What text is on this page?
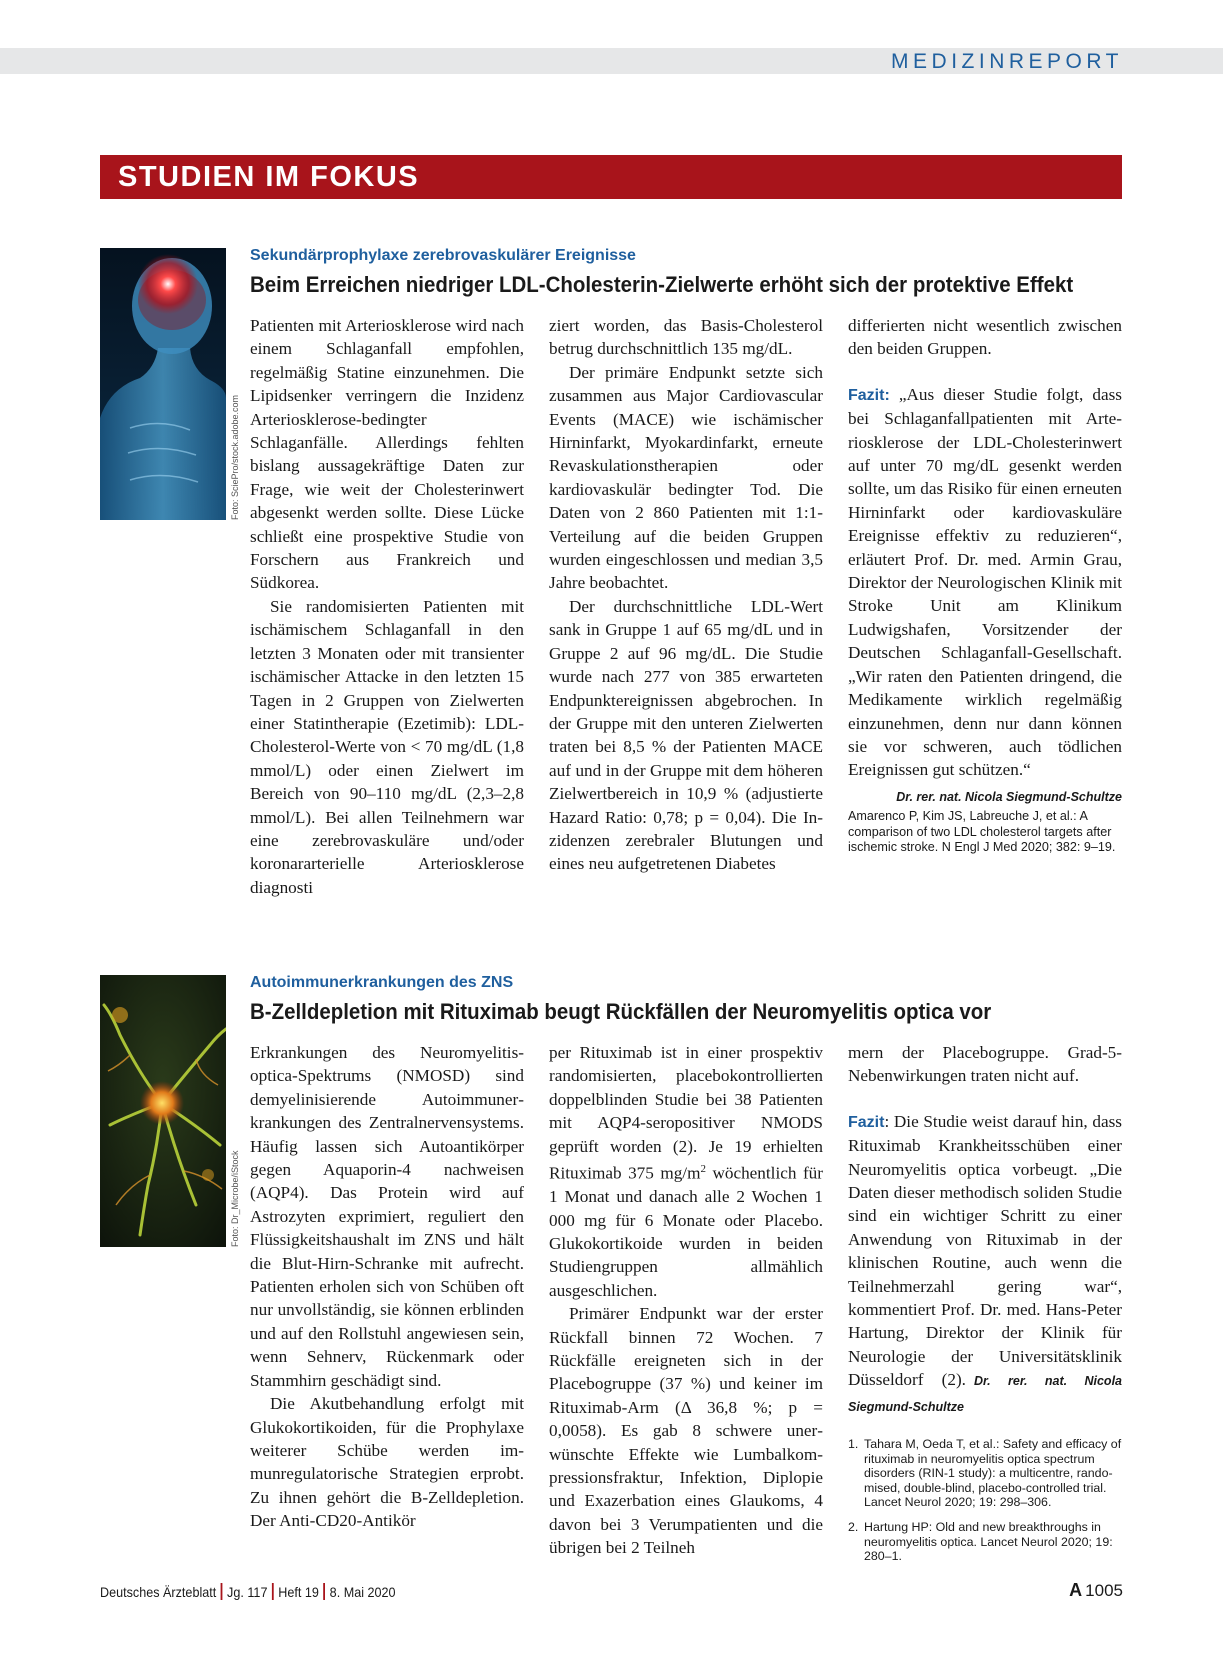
MEDIZINREPORT
STUDIEN IM FOKUS
Foto: SciePro/stock.adobe.com
Sekundärprophylaxe zerebrovaskulärer Ereignisse
Beim Erreichen niedriger LDL-Cholesterin-Zielwerte erhöht sich der protektive Effekt

Patienten mit Arteriosklerose wird nach einem Schlaganfall empfohlen, regelmäßig Statine einzunehmen. Die Lipidsenker verringern die Inzidenz Arteriosklerose-bedingter Schlaganfälle. Allerdings fehlten bislang aussagekräftige Daten zur Frage, wie weit der Cholesterinwert abgesenkt werden sollte. Diese Lücke schließt eine prospektive Studie von Forschern aus Frankreich und Südkorea.

Sie randomisierten Patienten mit ischämischem Schlaganfall in den letzten 3 Monaten oder mit transienter ischämischer Attacke in den letzten 15 Tagen in 2 Gruppen von Zielwerten einer Statintherapie (Ezetimib): LDL-Cholesterol-Werte von < 70 mg/dL (1,8 mmol/L) oder einen Zielwert im Bereich von 90–110 mg/dL (2,3–2,8 mmol/L). Bei allen Teilnehmern war eine zerebrovaskuläre und/oder koronararterielle Arteriosklerose diagnosti

ziert worden, das Basis-Cholesterol betrug durchschnittlich 135 mg/dL.

Der primäre Endpunkt setzte sich zusammen aus Major Cardiovascular Events (MACE) wie ischämischer Hirninfarkt, Myokardinfarkt, erneute Revaskulationstherapien oder kardiovaskulär bedingter Tod. Die Daten von 2 860 Patienten mit 1:1-Verteilung auf die beiden Gruppen wurden eingeschlossen und median 3,5 Jahre beobachtet.

Der durchschnittliche LDL-Wert sank in Gruppe 1 auf 65 mg/dL und in Gruppe 2 auf 96 mg/dL. Die Studie wurde nach 277 von 385 erwarteten Endpunktereignissen abgebrochen. In der Gruppe mit den unteren Zielwerten traten bei 8,5 % der Patienten MACE auf und in der Gruppe mit dem höheren Zielwertbereich in 10,9 % (adjustierte Hazard Ratio: 0,78; p = 0,04). Die Inzidenzen zerebraler Blutungen und eines neu aufgetretenen Diabetes

differierten nicht wesentlich zwischen den beiden Gruppen.

Fazit: „Aus dieser Studie folgt, dass bei Schlaganfallpatienten mit Arteriosklerose der LDL-Cholesterinwert auf unter 70 mg/dL gesenkt werden sollte, um das Risiko für einen erneuten Hirninfarkt oder kardiovaskuläre Ereignisse effektiv zu reduzieren“, erläutert Prof. Dr. med. Armin Grau, Direktor der Neurologischen Klinik mit Stroke Unit am Klinikum Ludwigshafen, Vorsitzender der Deutschen Schlaganfall-Gesellschaft. „Wir raten den Patienten dringend, die Medikamente wirklich regelmäßig einzunehmen, denn nur dann können sie vor schweren, auch tödlichen Ereignissen gut schützen.“

Dr. rer. nat. Nicola Siegmund-Schultze

Amarenco P, Kim JS, Labreuche J, et al.: A comparison of two LDL cholesterol targets after ischemic stroke. N Engl J Med 2020; 382: 9–19.

Foto: Dr_Microbe/iStock
Autoimmunerkrankungen des ZNS
B-Zelldepletion mit Rituximab beugt Rückfällen der Neuromyelitis optica vor

Erkrankungen des Neuromyelitis-optica-Spektrums (NMOSD) sind demyelinisierende Autoimmunerkrankungen des Zentralnervensystems. Häufig lassen sich Autoantikörper gegen Aquaporin-4 nachweisen (AQP4). Das Protein wird auf Astrozyten exprimiert, reguliert den Flüssigkeitshaushalt im ZNS und hält die Blut-Hirn-Schranke mit aufrecht. Patienten erholen sich von Schüben oft nur unvollständig, sie können erblinden und auf den Rollstuhl angewiesen sein, wenn Sehnerv, Rückenmark oder Stammhirn geschädigt sind.

Die Akutbehandlung erfolgt mit Glukokortikoiden, für die Prophylaxe weiterer Schübe werden immunregulatorische Strategien erprobt. Zu ihnen gehört die B-Zelldepletion. Der Anti-CD20-Antikör

per Rituximab ist in einer prospektiv randomisierten, placebokontrollierten doppelblinden Studie bei 38 Patienten mit AQP4-seropositiver NMODS geprüft worden (2). Je 19 erhielten Rituximab 375 $mg/m^2$ wöchentlich für 1 Monat und danach alle 2 Wochen 1 000 mg für 6 Monate oder Placebo. Glukokortikoide wurden in beiden Studiengruppen allmählich ausgeschlichen.

Primärer Endpunkt war der erster Rückfall binnen 72 Wochen. 7 Rückfälle ereigneten sich in der Placebogruppe (37 %) und keiner im Rituximab-Arm (Δ 36,8 %; p = 0,0058). Es gab 8 schwere unerwünschte Effekte wie Lumbalkompressionsfraktur, Infektion, Diplopie und Exazerbation eines Glaukoms, 4 davon bei 3 Verumpatienten und die übrigen bei 2 Teilneh

mern der Placebogruppe. Grad-5-Nebenwirkungen traten nicht auf.

Fazit: Die Studie weist darauf hin, dass Rituximab Krankheitsschüben einer Neuromyelitis optica vorbeugt. „Die Daten dieser methodisch soliden Studie sind ein wichtiger Schritt zu einer Anwendung von Rituximab in der klinischen Routine, auch wenn die Teilnehmerzahl gering war“, kommentiert Prof. Dr. med. Hans-Peter Hartung, Direktor der Klinik für Neurologie der Universitätsklinik Düsseldorf (2). Dr. rer. nat. Nicola Siegmund-Schultze

1. Tahara M, Oeda T, et al.: Safety and efficacy of rituximab in neuromyelitis optica spectrum disorders (RIN-1 study): a multicentre, randomised, double-blind, placebo-controlled trial. Lancet Neurol 2020; 19: 298–306.
2. Hartung HP: Old and new breakthroughs in neuromyelitis optica. Lancet Neurol 2020; 19: 280–1.
Deutsches Ärzteblatt Jg. 117 Heft 19 8. Mai 2020	A 1005
